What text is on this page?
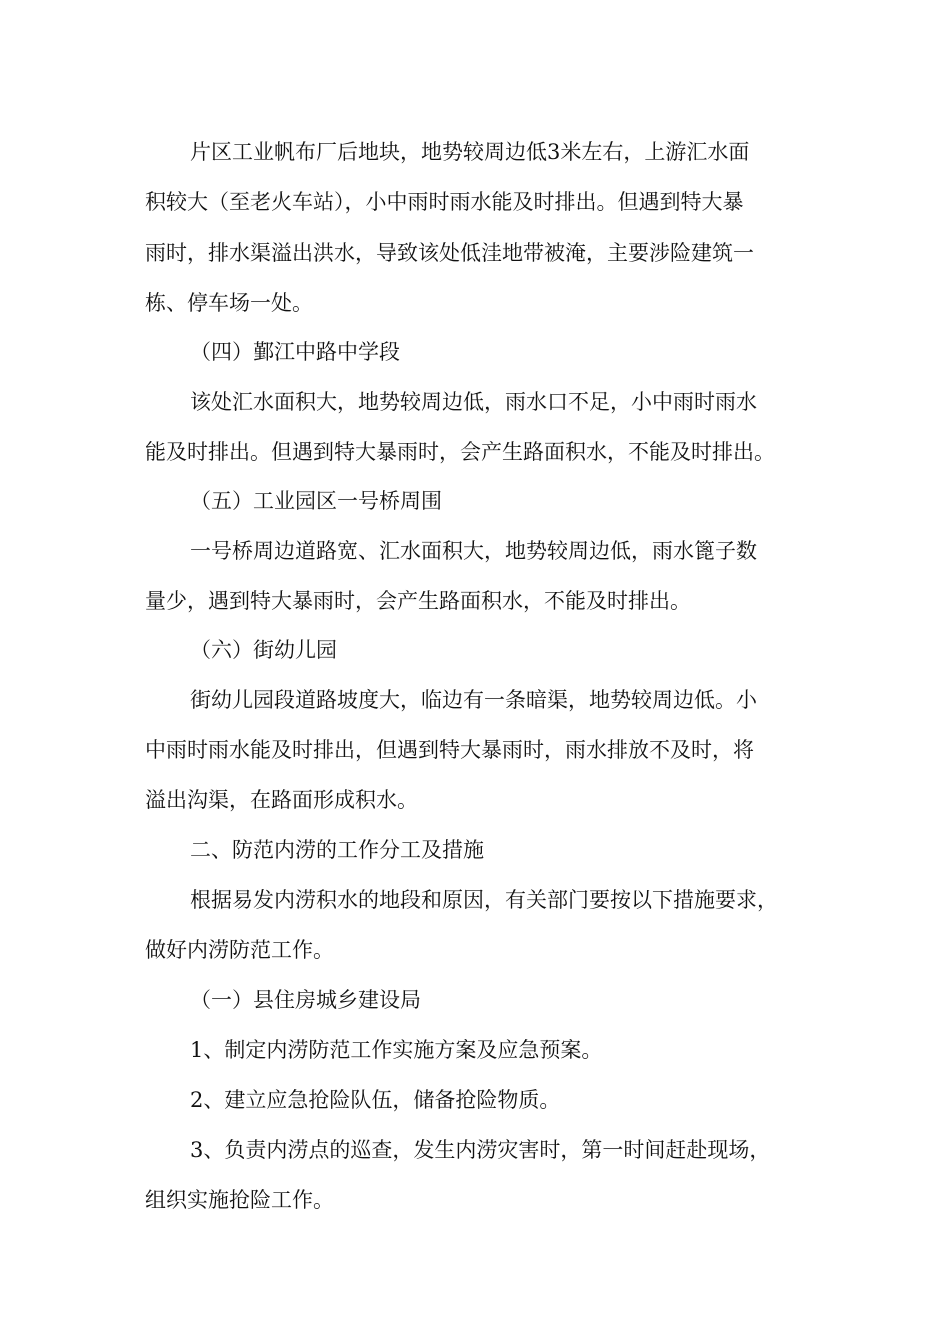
片区工业帆布厂后地块，地势较周边低3米左右，上游汇水面
积较大（至老火车站），小中雨时雨水能及时排出。但遇到特大暴
雨时，排水渠溢出洪水，导致该处低洼地带被淹，主要涉险建筑一
栋、停车场一处。
（四）鄞江中路中学段
该处汇水面积大，地势较周边低，雨水口不足，小中雨时雨水
能及时排出。但遇到特大暴雨时，会产生路面积水，不能及时排出。
（五）工业园区一号桥周围
一号桥周边道路宽、汇水面积大，地势较周边低，雨水篦子数
量少，遇到特大暴雨时，会产生路面积水，不能及时排出。
（六）街幼儿园
街幼儿园段道路坡度大，临边有一条暗渠，地势较周边低。小
中雨时雨水能及时排出，但遇到特大暴雨时，雨水排放不及时，将
溢出沟渠，在路面形成积水。
二、防范内涝的工作分工及措施
根据易发内涝积水的地段和原因，有关部门要按以下措施要求，
做好内涝防范工作。
（一）县住房城乡建设局
1、制定内涝防范工作实施方案及应急预案。
2、建立应急抢险队伍，储备抢险物质。
3、负责内涝点的巡查，发生内涝灾害时，第一时间赶赴现场，
组织实施抢险工作。
